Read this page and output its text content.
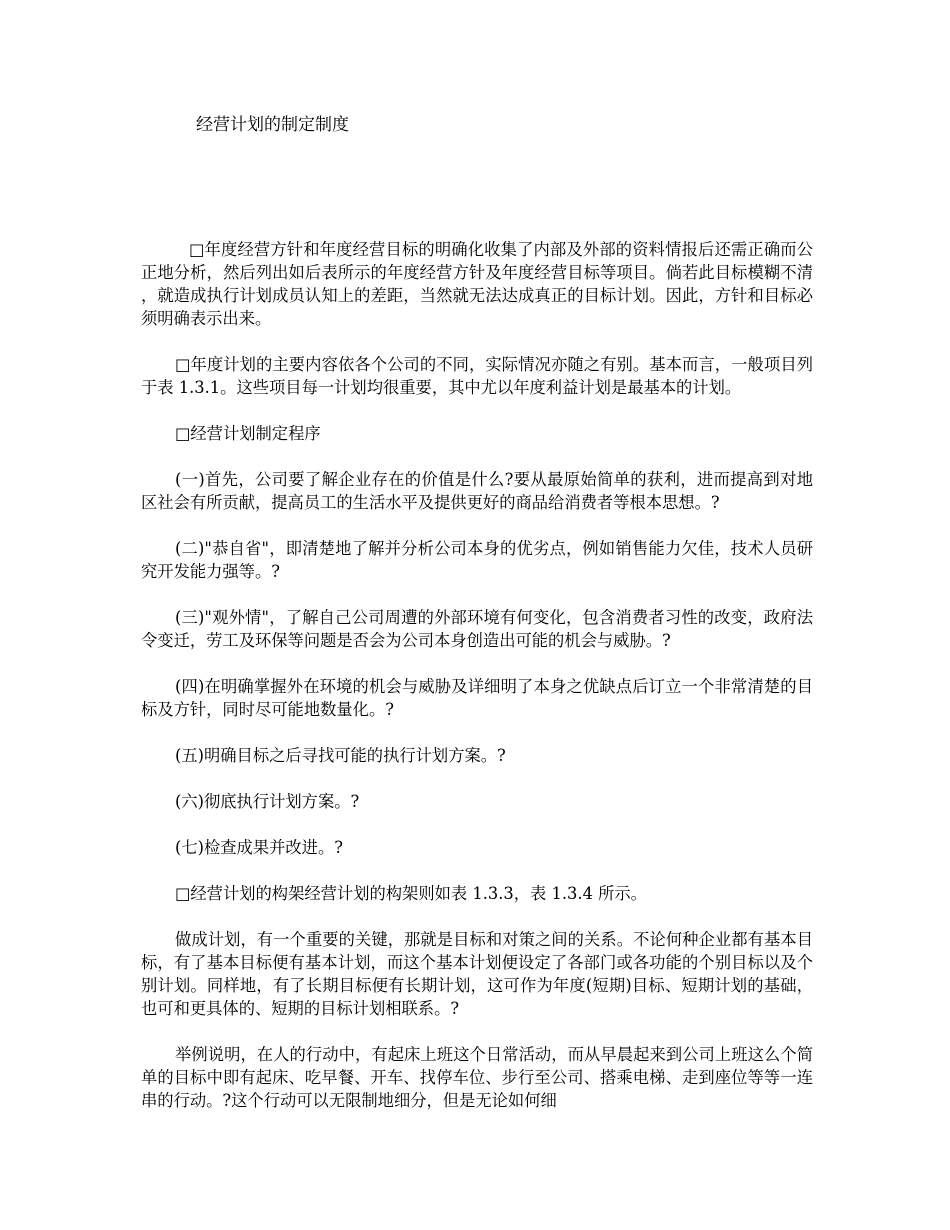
经营计划的制定制度

□年度经营方针和年度经营目标的明确化收集了内部及外部的资料情报后还需正确而公正地分析，然后列出如后表所示的年度经营方针及年度经营目标等项目。倘若此目标模糊不清，就造成执行计划成员认知上的差距，当然就无法达成真正的目标计划。因此，方针和目标必须明确表示出来。

□年度计划的主要内容依各个公司的不同，实际情况亦随之有别。基本而言，一般项目列于表 1.3.1。这些项目每一计划均很重要，其中尤以年度利益计划是最基本的计划。

□经营计划制定程序

(一)首先，公司要了解企业存在的价值是什么?要从最原始简单的获利，进而提高到对地区社会有所贡献，提高员工的生活水平及提供更好的商品给消费者等根本思想。?

(二)"恭自省"，即清楚地了解并分析公司本身的优劣点，例如销售能力欠佳，技术人员研究开发能力强等。?

(三)"观外情"，了解自己公司周遭的外部环境有何变化，包含消费者习性的改变，政府法令变迁，劳工及环保等问题是否会为公司本身创造出可能的机会与威胁。?

(四)在明确掌握外在环境的机会与威胁及详细明了本身之优缺点后订立一个非常清楚的目标及方针，同时尽可能地数量化。?

(五)明确目标之后寻找可能的执行计划方案。?

(六)彻底执行计划方案。?

(七)检查成果并改进。?

□经营计划的构架经营计划的构架则如表 1.3.3，表 1.3.4 所示。

做成计划，有一个重要的关键，那就是目标和对策之间的关系。不论何种企业都有基本目标，有了基本目标便有基本计划，而这个基本计划便设定了各部门或各功能的个别目标以及个别计划。同样地，有了长期目标便有长期计划，这可作为年度(短期)目标、短期计划的基础，也可和更具体的、短期的目标计划相联系。?

举例说明，在人的行动中，有起床上班这个日常活动，而从早晨起来到公司上班这么个简单的目标中即有起床、吃早餐、开车、找停车位、步行至公司、搭乘电梯、走到座位等等一连串的行动。?这个行动可以无限制地细分，但是无论如何细
